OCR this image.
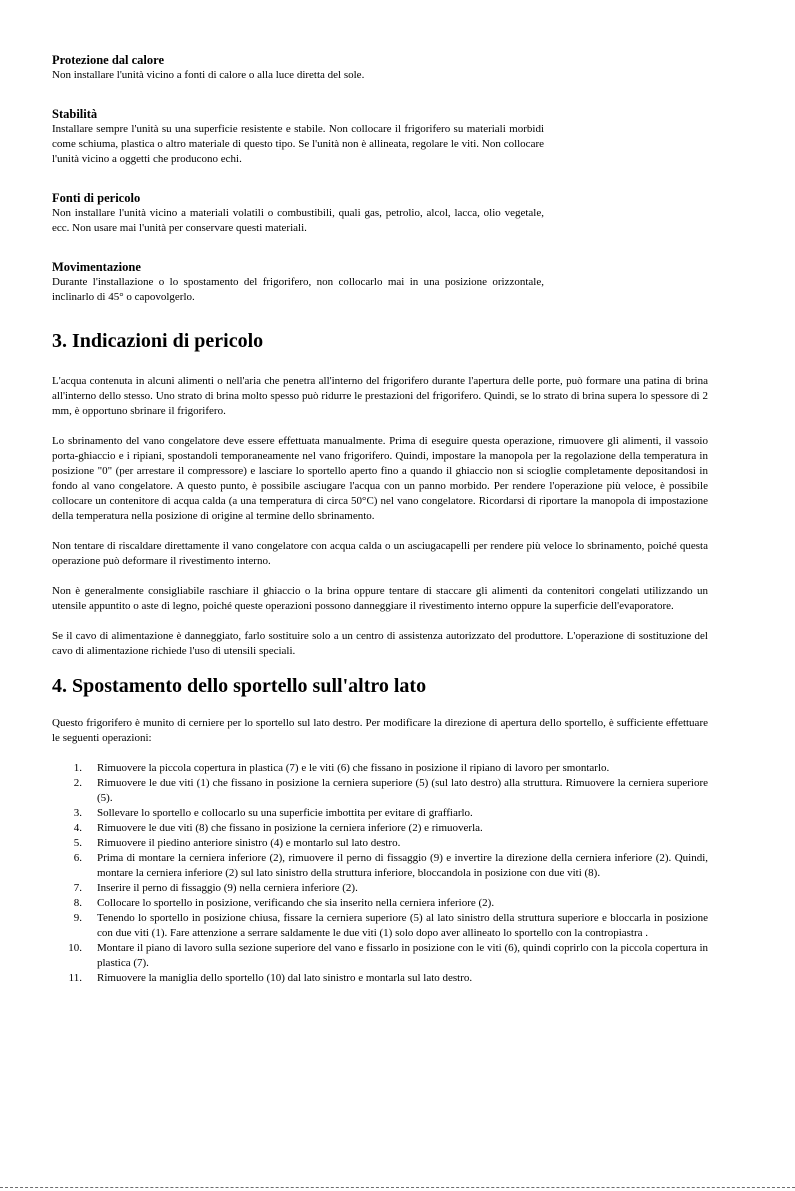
Protezione dal calore

Non installare l'unità vicino a fonti di calore o alla luce diretta del sole.

Stabilità

Installare sempre l'unità su una superficie resistente e stabile. Non collocare il frigorifero su materiali morbidi come schiuma, plastica o altro materiale di questo tipo. Se l'unità non è allineata, regolare le viti. Non collocare l'unità vicino a oggetti che producono echi.

Fonti di pericolo

Non installare l'unità vicino a materiali volatili o combustibili, quali gas, petrolio, alcol, lacca, olio vegetale, ecc. Non usare mai l'unità per conservare questi materiali.

Movimentazione

Durante l'installazione o lo spostamento del frigorifero, non collocarlo mai in una posizione orizzontale, inclinarlo di 45° o capovolgerlo.

3. Indicazioni di pericolo

L'acqua contenuta in alcuni alimenti o nell'aria che penetra all'interno del frigorifero durante l'apertura delle porte, può formare una patina di brina all'interno dello stesso. Uno strato di brina molto spesso può ridurre le prestazioni del frigorifero. Quindi, se lo strato di brina supera lo spessore di 2 mm, è opportuno sbrinare il frigorifero.

Lo sbrinamento del vano congelatore deve essere effettuata manualmente. Prima di eseguire questa operazione, rimuovere gli alimenti, il vassoio porta-ghiaccio e i ripiani, spostandoli temporaneamente nel vano frigorifero. Quindi, impostare la manopola per la regolazione della temperatura in posizione "0" (per arrestare il compressore) e lasciare lo sportello aperto fino a quando il ghiaccio non si scioglie completamente depositandosi in fondo al vano congelatore. A questo punto, è possibile asciugare l'acqua con un panno morbido. Per rendere l'operazione più veloce, è possibile collocare un contenitore di acqua calda (a una temperatura di circa 50°C) nel vano congelatore. Ricordarsi di riportare la manopola di impostazione della temperatura nella posizione di origine al termine dello sbrinamento.

Non tentare di riscaldare direttamente il vano congelatore con acqua calda o un asciugacapelli per rendere più veloce lo sbrinamento, poiché questa operazione può deformare il rivestimento interno.

Non è generalmente consigliabile raschiare il ghiaccio o la brina oppure tentare di staccare gli alimenti da contenitori congelati utilizzando un utensile appuntito o aste di legno, poiché queste operazioni possono danneggiare il rivestimento interno oppure la superficie dell'evaporatore.

Se il cavo di alimentazione è danneggiato, farlo sostituire solo a un centro di assistenza autorizzato del produttore. L'operazione di sostituzione del cavo di alimentazione richiede l'uso di utensili speciali.

4. Spostamento dello sportello sull'altro lato

Questo frigorifero è munito di cerniere per lo sportello sul lato destro. Per modificare la direzione di apertura dello sportello, è sufficiente effettuare le seguenti operazioni:

1. Rimuovere la piccola copertura in plastica (7) e le viti (6) che fissano in posizione il ripiano di lavoro per smontarlo.
2. Rimuovere le due viti (1) che fissano in posizione la cerniera superiore (5) (sul lato destro) alla struttura. Rimuovere la cerniera superiore (5).
3. Sollevare lo sportello e collocarlo su una superficie imbottita per evitare di graffiarlo.
4. Rimuovere le due viti (8) che fissano in posizione la cerniera inferiore (2) e rimuoverla.
5. Rimuovere il piedino anteriore sinistro (4) e montarlo sul lato destro.
6. Prima di montare la cerniera inferiore (2), rimuovere il perno di fissaggio (9) e invertire la direzione della cerniera inferiore (2). Quindi, montare la cerniera inferiore (2) sul lato sinistro della struttura inferiore, bloccandola in posizione con due viti (8).
7. Inserire il perno di fissaggio (9) nella cerniera inferiore (2).
8. Collocare lo sportello in posizione, verificando che sia inserito nella cerniera inferiore (2).
9. Tenendo lo sportello in posizione chiusa, fissare la cerniera superiore (5) al lato sinistro della struttura superiore e bloccarla in posizione con due viti (1). Fare attenzione a serrare saldamente le due viti (1) solo dopo aver allineato lo sportello con la contropiastra .
10. Montare il piano di lavoro sulla sezione superiore del vano e fissarlo in posizione con le viti (6), quindi coprirlo con la piccola copertura in plastica (7).
11. Rimuovere la maniglia dello sportello (10) dal lato sinistro e montarla sul lato destro.
